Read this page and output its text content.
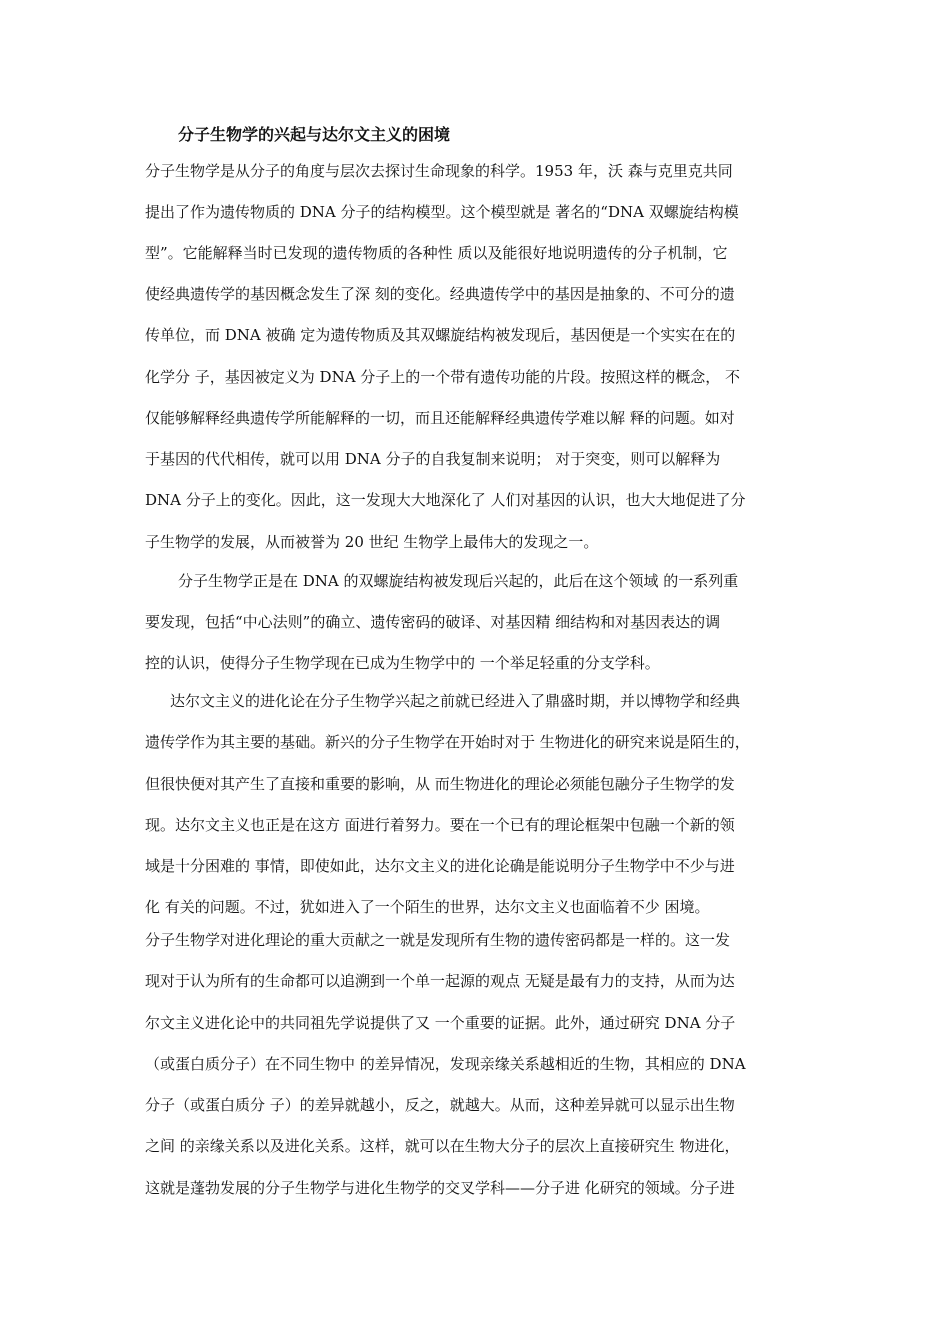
分子生物学的兴起与达尔文主义的困境
分子生物学是从分子的角度与层次去探讨生命现象的科学。1953 年，沃 森与克里克共同
提出了作为遗传物质的 DNA 分子的结构模型。这个模型就是 著名的“DNA 双螺旋结构模
型”。它能解释当时已发现的遗传物质的各种性 质以及能很好地说明遗传的分子机制，它
使经典遗传学的基因概念发生了深 刻的变化。经典遗传学中的基因是抽象的、不可分的遗
传单位，而 DNA 被确 定为遗传物质及其双螺旋结构被发现后，基因便是一个实实在在的
化学分 子，基因被定义为 DNA 分子上的一个带有遗传功能的片段。按照这样的概念， 不
仅能够解释经典遗传学所能解释的一切，而且还能解释经典遗传学难以解 释的问题。如对
于基因的代代相传，就可以用 DNA 分子的自我复制来说明； 对于突变，则可以解释为
DNA 分子上的变化。因此，这一发现大大地深化了 人们对基因的认识，也大大地促进了分
子生物学的发展，从而被誉为 20 世纪 生物学上最伟大的发现之一。
分子生物学正是在 DNA 的双螺旋结构被发现后兴起的，此后在这个领域 的一系列重
要发现，包括“中心法则”的确立、遗传密码的破译、对基因精 细结构和对基因表达的调
控的认识，使得分子生物学现在已成为生物学中的 一个举足轻重的分支学科。
达尔文主义的进化论在分子生物学兴起之前就已经进入了鼎盛时期，并以博物学和经典
遗传学作为其主要的基础。新兴的分子生物学在开始时对于 生物进化的研究来说是陌生的，
但很快便对其产生了直接和重要的影响，从 而生物进化的理论必须能包融分子生物学的发
现。达尔文主义也正是在这方 面进行着努力。要在一个已有的理论框架中包融一个新的领
域是十分困难的 事情，即使如此，达尔文主义的进化论确是能说明分子生物学中不少与进
化 有关的问题。不过，犹如进入了一个陌生的世界，达尔文主义也面临着不少 困境。
分子生物学对进化理论的重大贡献之一就是发现所有生物的遗传密码都是一样的。这一发
现对于认为所有的生命都可以追溯到一个单一起源的观点 无疑是最有力的支持，从而为达
尔文主义进化论中的共同祖先学说提供了又 一个重要的证据。此外，通过研究 DNA 分子
（或蛋白质分子）在不同生物中 的差异情况，发现亲缘关系越相近的生物，其相应的 DNA
分子（或蛋白质分 子）的差异就越小，反之，就越大。从而，这种差异就可以显示出生物
之间 的亲缘关系以及进化关系。这样，就可以在生物大分子的层次上直接研究生 物进化，
这就是蓬勃发展的分子生物学与进化生物学的交叉学科——分子进 化研究的领域。分子进
